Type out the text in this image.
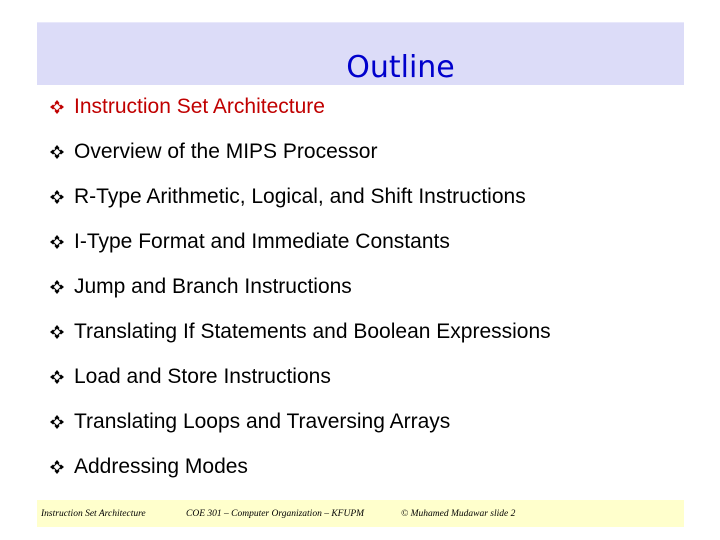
Outline
Instruction Set Architecture
Overview of the MIPS Processor
R-Type Arithmetic, Logical, and Shift Instructions
I-Type Format and Immediate Constants
Jump and Branch Instructions
Translating If Statements and Boolean Expressions
Load and Store Instructions
Translating Loops and Traversing Arrays
Addressing Modes
Instruction Set Architecture	COE 301 – Computer Organization – KFUPM	© Muhamed Mudawar slide 2
